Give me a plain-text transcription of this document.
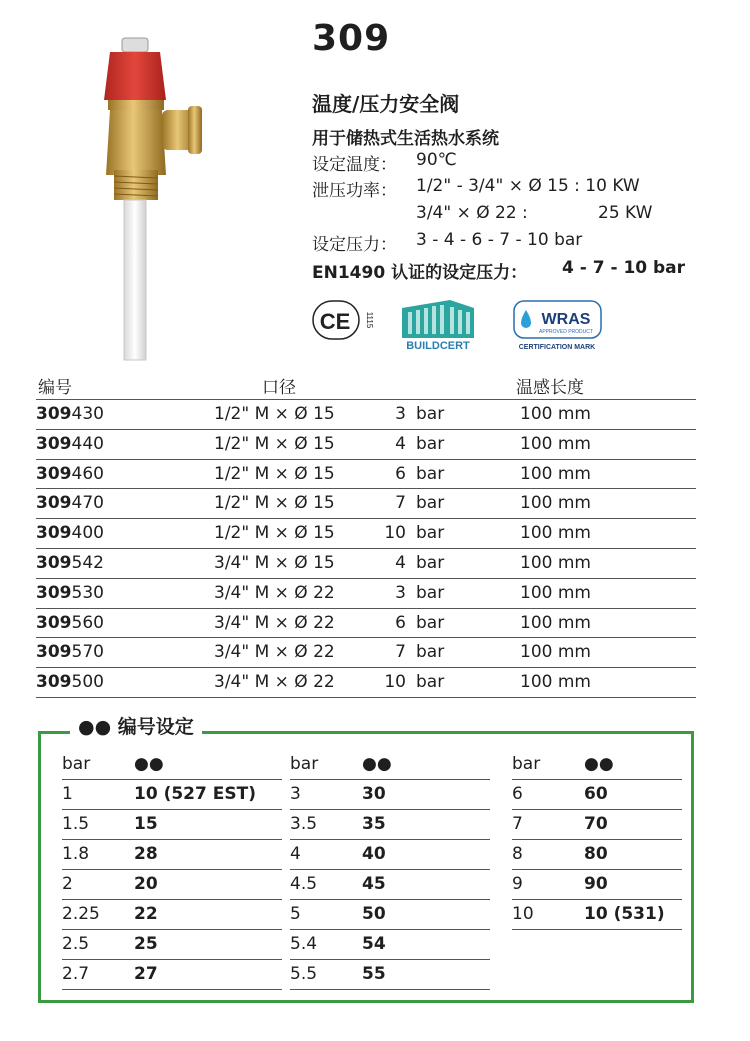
309
温度/压力安全阀
用于储热式生活热水系统
设定温度： 90℃
泄压功率： 1/2" - 3/4" × Ø 15 : 10 KW
3/4" × Ø 22 :	25 KW
设定压力： 3 - 4 - 6 - 7 - 10 bar
EN1490 认证的设定压力： 4 - 7 - 10 bar
CE 1115
BUILDCERT
WRAS
APPROVED PRODUCT
CERTIFICATION MARK
编号	口径	温感长度
309430	1/2" M × Ø 15	3 bar	100 mm
309440	1/2" M × Ø 15	4 bar	100 mm
309460	1/2" M × Ø 15	6 bar	100 mm
309470	1/2" M × Ø 15	7 bar	100 mm
309400	1/2" M × Ø 15	10 bar	100 mm
309542	3/4" M × Ø 15	4 bar	100 mm
309530	3/4" M × Ø 22	3 bar	100 mm
309560	3/4" M × Ø 22	6 bar	100 mm
309570	3/4" M × Ø 22	7 bar	100 mm
309500	3/4" M × Ø 22	10 bar	100 mm
●● 编号设定
bar	●●
1	10 (527 EST)
1.5	15
1.8	28
2	20
2.25 22
2.5	25
2.7	27
bar	●●
3	30
3.5	35
4	40
4.5	45
5	50
5.4	54
5.5	55
bar	●●
6	60
7	70
8	80
9	90
10	10 (531)
